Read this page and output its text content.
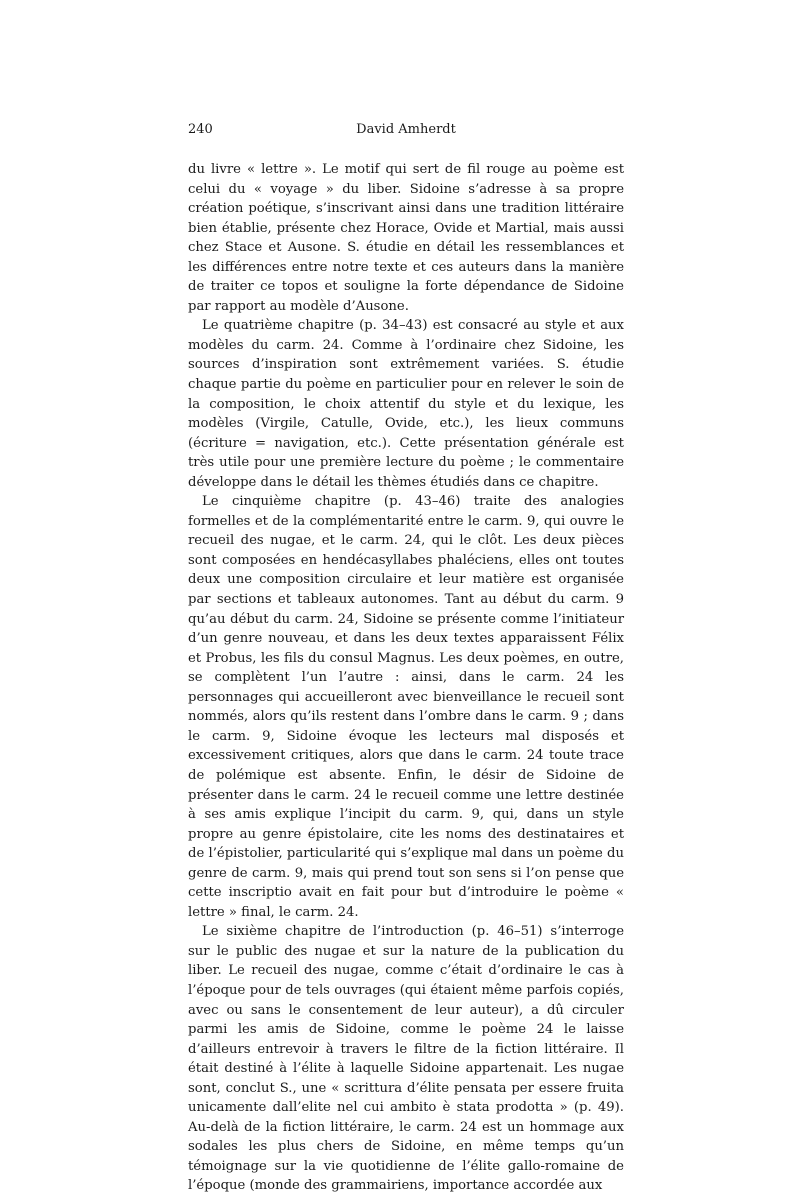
240	David Amherdt

du livre « lettre ». Le motif qui sert de fil rouge au poème est celui du « voyage » du liber. Sidoine s’adresse à sa propre création poétique, s’inscrivant ainsi dans une tradition littéraire bien établie, présente chez Horace, Ovide et Martial, mais aussi chez Stace et Ausone. S. étudie en détail les ressemblances et les différences entre notre texte et ces auteurs dans la manière de traiter ce topos et souligne la forte dépendance de Sidoine par rapport au modèle d’Ausone.

Le quatrième chapitre (p. 34–43) est consacré au style et aux modèles du carm. 24. Comme à l’ordinaire chez Sidoine, les sources d’inspiration sont extrêmement variées. S. étudie chaque partie du poème en particulier pour en relever le soin de la composition, le choix attentif du style et du lexique, les modèles (Virgile, Catulle, Ovide, etc.), les lieux communs (écriture = navigation, etc.). Cette présentation générale est très utile pour une première lecture du poème ; le commentaire développe dans le détail les thèmes étudiés dans ce chapitre.

Le cinquième chapitre (p. 43–46) traite des analogies formelles et de la complémentarité entre le carm. 9, qui ouvre le recueil des nugae, et le carm. 24, qui le clôt. Les deux pièces sont composées en hendécasyllabes phaléciens, elles ont toutes deux une composition circulaire et leur matière est organisée par sections et tableaux autonomes. Tant au début du carm. 9 qu’au début du carm. 24, Sidoine se présente comme l’initiateur d’un genre nouveau, et dans les deux textes apparaissent Félix et Probus, les fils du consul Magnus. Les deux poèmes, en outre, se complètent l’un l’autre : ainsi, dans le carm. 24 les personnages qui accueilleront avec bienveillance le recueil sont nommés, alors qu’ils restent dans l’ombre dans le carm. 9 ; dans le carm. 9, Sidoine évoque les lecteurs mal disposés et excessivement critiques, alors que dans le carm. 24 toute trace de polémique est absente. Enfin, le désir de Sidoine de présenter dans le carm. 24 le recueil comme une lettre destinée à ses amis explique l’incipit du carm. 9, qui, dans un style propre au genre épistolaire, cite les noms des destinataires et de l’épistolier, particularité qui s’explique mal dans un poème du genre de carm. 9, mais qui prend tout son sens si l’on pense que cette inscriptio avait en fait pour but d’introduire le poème « lettre » final, le carm. 24.

Le sixième chapitre de l’introduction (p. 46–51) s’interroge sur le public des nugae et sur la nature de la publication du liber. Le recueil des nugae, comme c’était d’ordinaire le cas à l’époque pour de tels ouvrages (qui étaient même parfois copiés, avec ou sans le consentement de leur auteur), a dû circuler parmi les amis de Sidoine, comme le poème 24 le laisse d’ailleurs entrevoir à travers le filtre de la fiction littéraire. Il était destiné à l’élite à laquelle Sidoine appartenait. Les nugae sont, conclut S., une « scrittura d’élite pensata per essere fruita unicamente dall’elite nel cui ambito è stata prodotta » (p. 49). Au-delà de la fiction littéraire, le carm. 24 est un hommage aux sodales les plus chers de Sidoine, en même temps qu’un témoignage sur la vie quotidienne de l’élite gallo-romaine de l’époque (monde des grammairiens, importance accordée aux
